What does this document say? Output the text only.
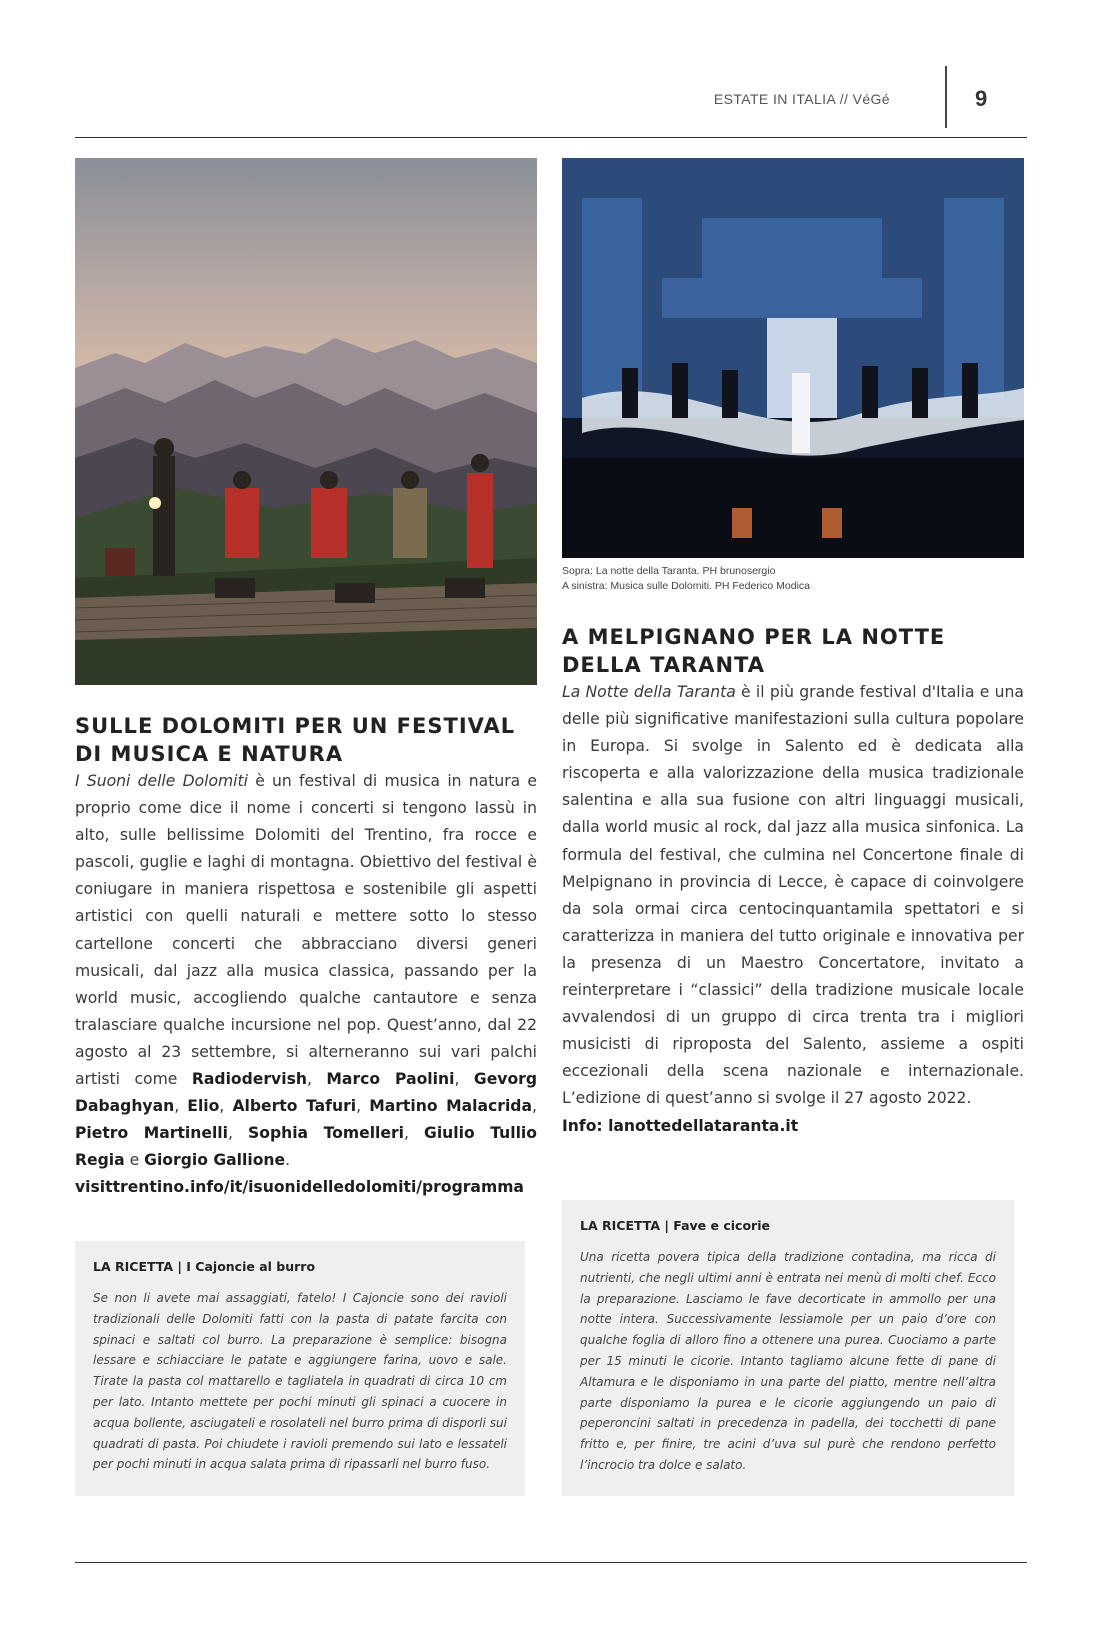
ESTATE IN ITALIA // VéGé	9
Sopra: La notte della Taranta. PH brunosergio
A sinistra: Musica sulle Dolomiti. PH Federico Modica
A MELPIGNANO PER LA NOTTE
DELLA TARANTA

La Notte della Taranta è il più grande festival d'Italia e una delle più significative manifestazioni sulla cultura popolare in Europa. Si svolge in Salento ed è dedicata alla riscoperta e alla valorizzazione della musica tradizionale salentina e alla sua fusione con altri linguaggi musicali, dalla world music al rock, dal jazz alla musica sinfonica. La formula del festival, che culmina nel Concertone finale di Melpignano in provincia di Lecce, è capace di coinvolgere da sola ormai circa centocinquantamila spettatori e si caratterizza in maniera del tutto originale e innovativa per la presenza di un Maestro Concertatore, invitato a reinterpretare i “classici” della tradizione musicale locale avvalendosi di un gruppo di circa trenta tra i migliori musicisti di riproposta del Salento, assieme a ospiti eccezionali della scena nazionale e internazionale. L’edizione di quest’anno si svolge il 27 agosto 2022.
Info: lanottedellataranta.it

SULLE DOLOMITI PER UN FESTIVAL
DI MUSICA E NATURA

I Suoni delle Dolomiti è un festival di musica in natura e proprio come dice il nome i concerti si tengono lassù in alto, sulle bellissime Dolomiti del Trentino, fra rocce e pascoli, guglie e laghi di montagna. Obiettivo del festival è coniugare in maniera rispettosa e sostenibile gli aspetti artistici con quelli naturali e mettere sotto lo stesso cartellone concerti che abbracciano diversi generi musicali, dal jazz alla musica classica, passando per la world music, accogliendo qualche cantautore e senza tralasciare qualche incursione nel pop. Quest’anno, dal 22 agosto al 23 settembre, si alterneranno sui vari palchi artisti come Radiodervish, Marco Paolini, Gevorg Dabaghyan, Elio, Alberto Tafuri, Martino Malacrida, Pietro Martinelli, Sophia Tomelleri, Giulio Tullio Regia e Giorgio Gallione.
visittrentino.info/it/isuonidelledolomiti/programma

LA RICETTA | Fave e cicorie

Una ricetta povera tipica della tradizione contadina, ma ricca di nutrienti, che negli ultimi anni è entrata nei menù di molti chef. Ecco la preparazione. Lasciamo le fave decorticate in ammollo per una notte intera. Successivamente lessiamole per un paio d’ore con qualche foglia di alloro fino a ottenere una purea. Cuociamo a parte per 15 minuti le cicorie. Intanto tagliamo alcune fette di pane di Altamura e le disponiamo in una parte del piatto, mentre nell’altra parte disponiamo la purea e le cicorie aggiungendo un paio di peperoncini saltati in precedenza in padella, dei tocchetti di pane fritto e, per finire, tre acini d’uva sul purè che rendono perfetto l’incrocio tra dolce e salato.

LA RICETTA | I Cajoncie al burro

Se non li avete mai assaggiati, fatelo! I Cajoncie sono dei ravioli tradizionali delle Dolomiti fatti con la pasta di patate farcita con spinaci e saltati col burro. La preparazione è semplice: bisogna lessare e schiacciare le patate e aggiungere farina, uovo e sale. Tirate la pasta col mattarello e tagliatela in quadrati di circa 10 cm per lato. Intanto mettete per pochi minuti gli spinaci a cuocere in acqua bollente, asciugateli e rosolateli nel burro prima di disporli sui quadrati di pasta. Poi chiudete i ravioli premendo sui lato e lessateli per pochi minuti in acqua salata prima di ripassarli nel burro fuso.
